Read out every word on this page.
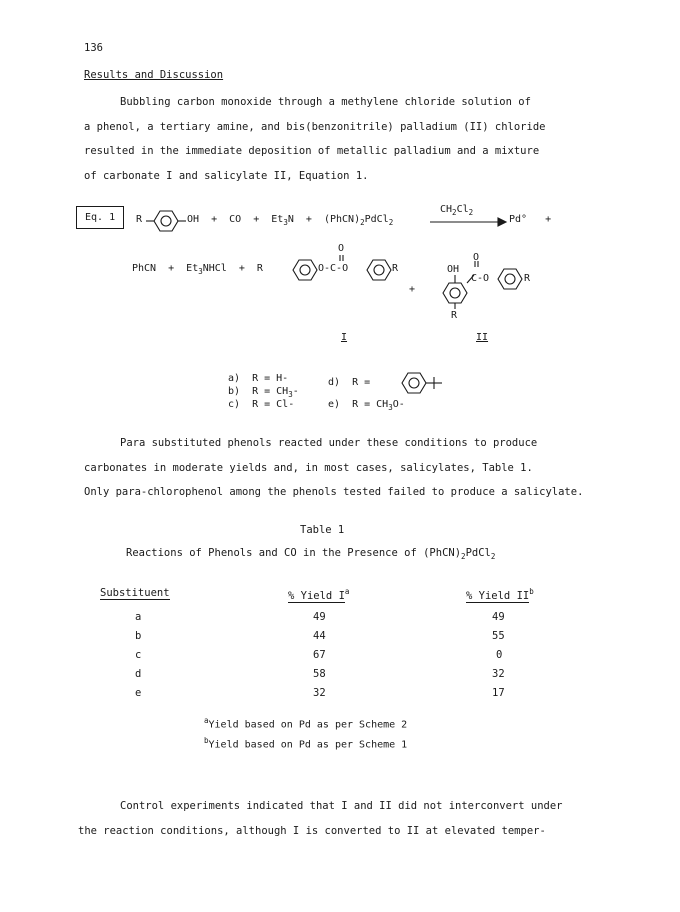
136
Results and Discussion
Bubbling carbon monoxide through a methylene chloride solution of
a phenol, a tertiary amine, and bis(benzonitrile) palladium (II) chloride
resulted in the immediate deposition of metallic palladium and a mixture
of carbonate I and salicylate II, Equation 1.
Eq. 1	R	OH  +  CO  +  $Et_3N$  +  $(PhCN)_2PdCl_2$
$CH_2Cl_2$
Pd°   +
PhCN  +  $Et_3NHCl + R$	O-C-O
O
R
+
OH
O
C-O	R
R
I	II
a)  R = H-
b)  $R = CH_3-$
c)  R = Cl-
d)  R =
e)  $R = CH_3O-$
Para substituted phenols reacted under these conditions to produce
carbonates in moderate yields and, in most cases, salicylates, Table 1.
Only para-chlorophenol among the phenols tested failed to produce a salicylate.
Table 1
Reactions of Phenols and CO in the Presence of $(PhCN)_2PdCl_2$
Substituent	% Yield $I^a$	% Yield $II^b$
a	49	49
b	44	55
c	67	0
d	58	32
e	32	17
$^a$Yield based on Pd as per Scheme 2
$^b$Yield based on Pd as per Scheme 1
Control experiments indicated that I and II did not interconvert under
the reaction conditions, although I is converted to II at elevated temper-
